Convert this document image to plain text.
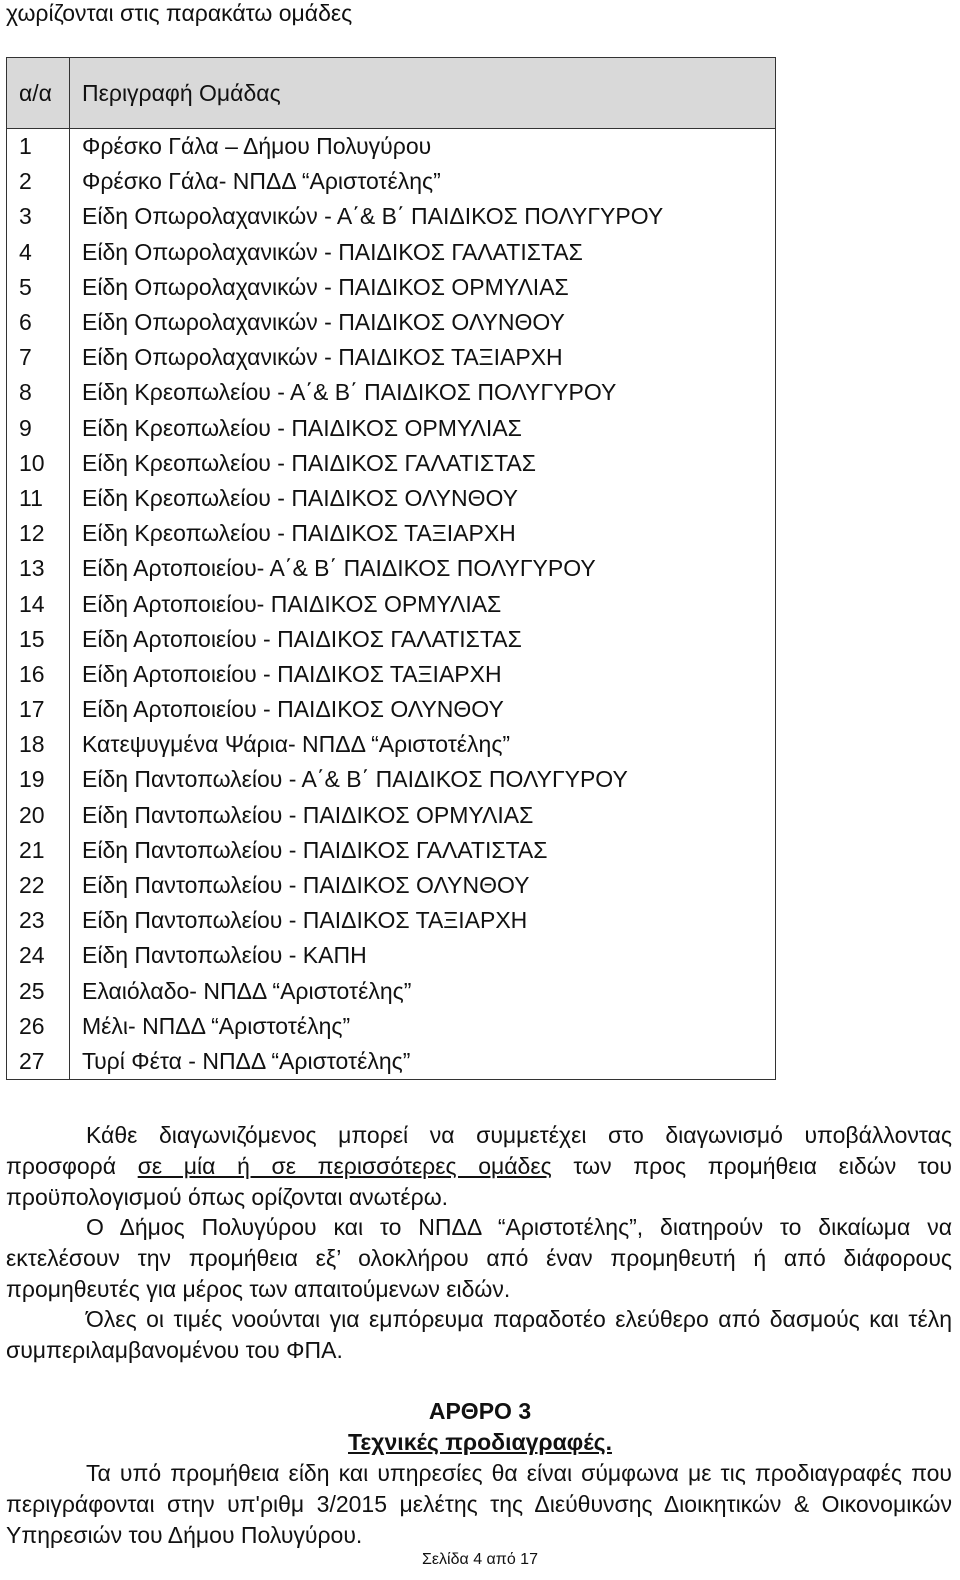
χωρίζονται στις παρακάτω ομάδες
α/α	Περιγραφή Ομάδας
1	Φρέσκο Γάλα – Δήμου Πολυγύρου
2	Φρέσκο Γάλα- ΝΠΔΔ “Αριστοτέλης”
3	Είδη Οπωρολαχανικών - Α΄& Β΄ ΠΑΙΔΙΚΟΣ ΠΟΛΥΓΥΡΟΥ
4	Είδη Οπωρολαχανικών - ΠΑΙΔΙΚΟΣ ΓΑΛΑΤΙΣΤΑΣ
5	Είδη Οπωρολαχανικών - ΠΑΙΔΙΚΟΣ ΟΡΜΥΛΙΑΣ
6	Είδη Οπωρολαχανικών - ΠΑΙΔΙΚΟΣ ΟΛΥΝΘΟΥ
7	Είδη Οπωρολαχανικών - ΠΑΙΔΙΚΟΣ ΤΑΞΙΑΡΧΗ
8	Είδη Κρεοπωλείου - Α΄& Β΄ ΠΑΙΔΙΚΟΣ ΠΟΛΥΓΥΡΟΥ
9	Είδη Κρεοπωλείου - ΠΑΙΔΙΚΟΣ ΟΡΜΥΛΙΑΣ
10	Είδη Κρεοπωλείου - ΠΑΙΔΙΚΟΣ ΓΑΛΑΤΙΣΤΑΣ
11	Είδη Κρεοπωλείου - ΠΑΙΔΙΚΟΣ ΟΛΥΝΘΟΥ
12	Είδη Κρεοπωλείου - ΠΑΙΔΙΚΟΣ ΤΑΞΙΑΡΧΗ
13	Είδη Αρτοποιείου- Α΄& Β΄ ΠΑΙΔΙΚΟΣ ΠΟΛΥΓΥΡΟΥ
14	Είδη Αρτοποιείου- ΠΑΙΔΙΚΟΣ ΟΡΜΥΛΙΑΣ
15	Είδη Αρτοποιείου - ΠΑΙΔΙΚΟΣ ΓΑΛΑΤΙΣΤΑΣ
16	Είδη Αρτοποιείου - ΠΑΙΔΙΚΟΣ ΤΑΞΙΑΡΧΗ
17	Είδη Αρτοποιείου - ΠΑΙΔΙΚΟΣ ΟΛΥΝΘΟΥ
18	Κατεψυγμένα Ψάρια- ΝΠΔΔ “Αριστοτέλης”
19	Είδη Παντοπωλείου - Α΄& Β΄ ΠΑΙΔΙΚΟΣ ΠΟΛΥΓΥΡΟΥ
20	Είδη Παντοπωλείου - ΠΑΙΔΙΚΟΣ ΟΡΜΥΛΙΑΣ
21	Είδη Παντοπωλείου - ΠΑΙΔΙΚΟΣ ΓΑΛΑΤΙΣΤΑΣ
22	Είδη Παντοπωλείου - ΠΑΙΔΙΚΟΣ ΟΛΥΝΘΟΥ
23	Είδη Παντοπωλείου - ΠΑΙΔΙΚΟΣ ΤΑΞΙΑΡΧΗ
24	Είδη Παντοπωλείου - ΚΑΠΗ
25	Ελαιόλαδο- ΝΠΔΔ “Αριστοτέλης”
26	Μέλι- ΝΠΔΔ “Αριστοτέλης”
27	Τυρί Φέτα - ΝΠΔΔ “Αριστοτέλης”

Κάθε διαγωνιζόμενος μπορεί να συμμετέχει στο διαγωνισμό υποβάλλοντας προσφορά σε μία ή σε περισσότερες ομάδες των προς προμήθεια ειδών του προϋπολογισμού όπως ορίζονται ανωτέρω.

Ο Δήμος Πολυγύρου και το ΝΠΔΔ “Αριστοτέλης”, διατηρούν το δικαίωμα να εκτελέσουν την προμήθεια εξ’ ολοκλήρου από έναν προμηθευτή ή από διάφορους προμηθευτές για μέρος των απαιτούμενων ειδών.

Όλες οι τιμές νοούνται για εμπόρευμα παραδοτέο ελεύθερο από δασμούς και τέλη συμπεριλαμβανομένου του ΦΠΑ.

ΑΡΘΡΟ 3
Τεχνικές προδιαγραφές.

Τα υπό προμήθεια είδη και υπηρεσίες θα είναι σύμφωνα με τις προδιαγραφές που περιγράφονται στην υπ'ριθμ 3/2015 μελέτης της Διεύθυνσης Διοικητικών & Οικονομικών Υπηρεσιών του Δήμου Πολυγύρου.

Σελίδα 4 από 17
